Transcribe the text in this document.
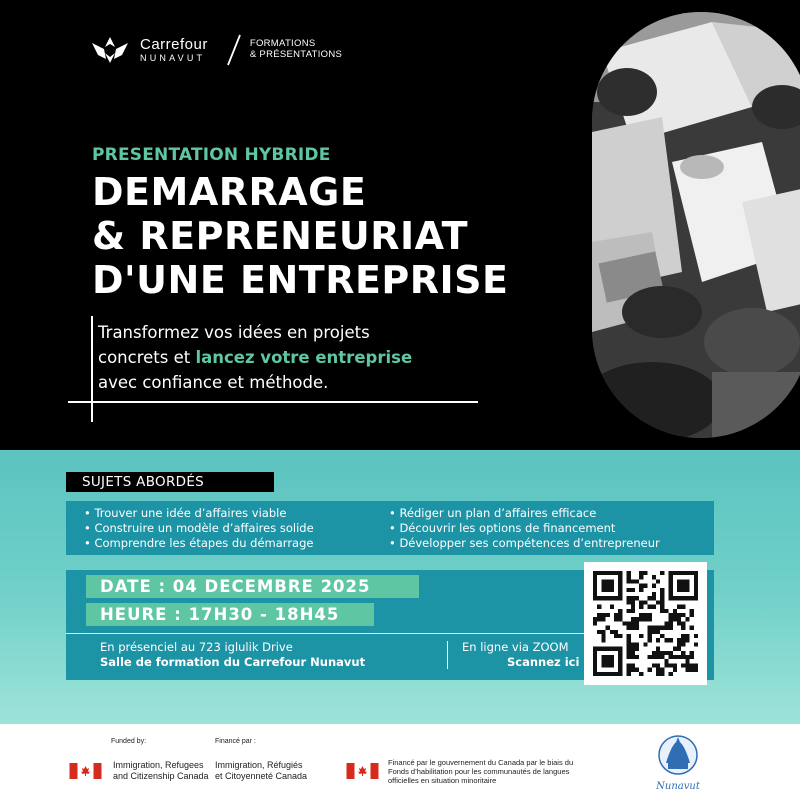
Carrefour
NUNAVUT
FORMATIONS
& PRÉSENTATIONS
PRESENTATION HYBRIDE
DEMARRAGE
& REPRENEURIAT
D'UNE ENTREPRISE
Transformez vos idées en projets
concrets et lancez votre entreprise
avec confiance et méthode.
SUJETS ABORDÉS
• Trouver une idée d’affaires viable
• Construire un modèle d’affaires solide
• Comprendre les étapes du démarrage
• Rédiger un plan d’affaires efficace
• Découvrir les options de financement
• Développer ses compétences d’entrepreneur
DATE : 04 DECEMBRE 2025
HEURE : 17H30 - 18H45
En présenciel au 723 iglulik Drive
Salle de formation du Carrefour Nunavut
En ligne via ZOOM
Scannez ici
Funded by:	Financé par :
Immigration, Refugees
and Citizenship Canada
Immigration, Réfugiés
et Citoyenneté Canada
Financé par le gouvernement du Canada par le biais du
Fonds d’habilitation pour les communautés de langues
officielles en situation minoritaire
Nunavut
